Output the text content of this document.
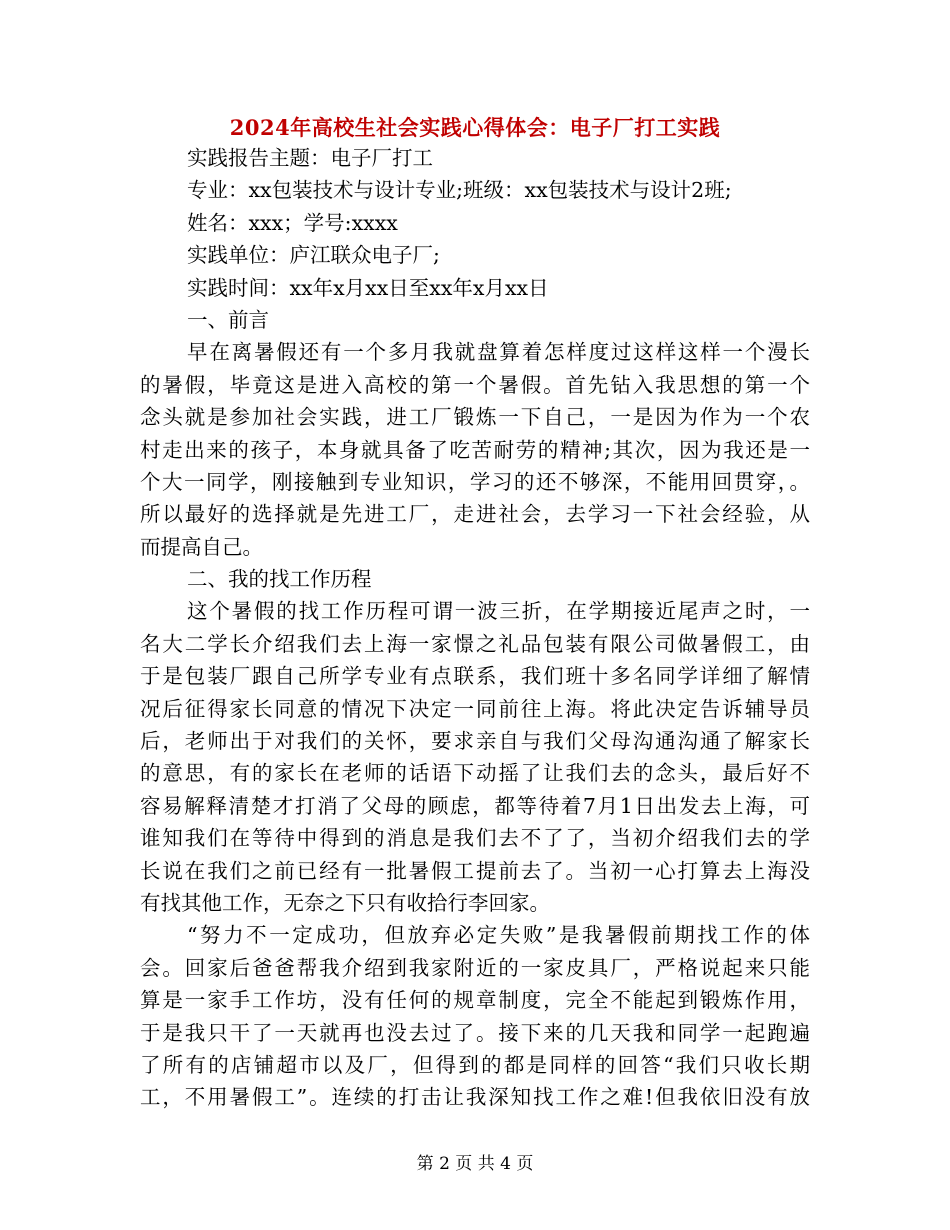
2024年高校生社会实践心得体会：电子厂打工实践
实践报告主题：电子厂打工
专业：xx包装技术与设计专业;班级：xx包装技术与设计2班;
姓名：xxx；学号:xxxx
实践单位：庐江联众电子厂;
实践时间：xx年x月xx日至xx年x月xx日
一、前言
早在离暑假还有一个多月我就盘算着怎样度过这样这样一个漫长
的暑假，毕竟这是进入高校的第一个暑假。首先钻入我思想的第一个
念头就是参加社会实践，进工厂锻炼一下自己，一是因为作为一个农
村走出来的孩子，本身就具备了吃苦耐劳的精神;其次，因为我还是一
个大一同学，刚接触到专业知识，学习的还不够深，不能用回贯穿，。
所以最好的选择就是先进工厂，走进社会，去学习一下社会经验，从
而提高自己。
二、我的找工作历程
这个暑假的找工作历程可谓一波三折，在学期接近尾声之时，一
名大二学长介绍我们去上海一家憬之礼品包装有限公司做暑假工，由
于是包装厂跟自己所学专业有点联系，我们班十多名同学详细了解情
况后征得家长同意的情况下决定一同前往上海。将此决定告诉辅导员
后，老师出于对我们的关怀，要求亲自与我们父母沟通沟通了解家长
的意思，有的家长在老师的话语下动摇了让我们去的念头，最后好不
容易解释清楚才打消了父母的顾虑，都等待着7月1日出发去上海，可
谁知我们在等待中得到的消息是我们去不了了，当初介绍我们去的学
长说在我们之前已经有一批暑假工提前去了。当初一心打算去上海没
有找其他工作，无奈之下只有收拾行李回家。
“努力不一定成功，但放弃必定失败”是我暑假前期找工作的体
会。回家后爸爸帮我介绍到我家附近的一家皮具厂，严格说起来只能
算是一家手工作坊，没有任何的规章制度，完全不能起到锻炼作用，
于是我只干了一天就再也没去过了。接下来的几天我和同学一起跑遍
了所有的店铺超市以及厂，但得到的都是同样的回答“我们只收长期
工，不用暑假工”。连续的打击让我深知找工作之难!但我依旧没有放
第 2 页 共 4 页
